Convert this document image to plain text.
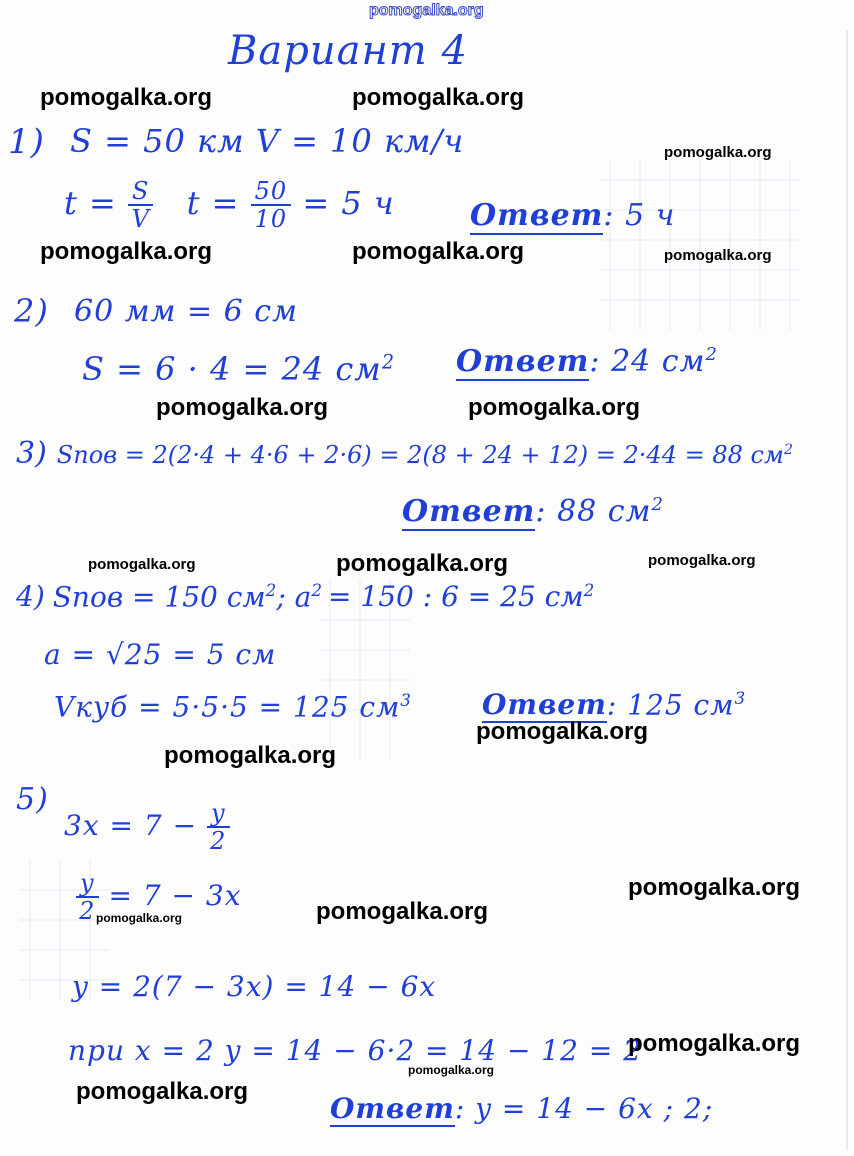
pomogalka.org
Вариант 4
1) S = 50 км V = 10 км/ч
$t = \frac{S}{V}$ $t = \frac{50}{10} = 5$ ч	Ответ: 5 ч
2) 60 мм = 6 см
S = 6 · 4 = 24 $см^2$ Ответ: 24 $см^2$
3) Sпов = 2(2·4 + 4·6 + 2·6) = 2(8 + 24 + 12) = 2·44 = 88 $см^2$
Ответ: 88 $см^2$
4) Sпов = 150 $см^2$; $a^2 = 150$ : 6 = 25 $см^2$
a = √25 = 5 см
Vкуб = 5·5·5 = 125 $см^3$	Ответ: 125 $см^3$
5)
$3x = 7 - \frac{y}{2}$
$\frac{y}{2} = 7 - 3x$
y = 2(7 − 3x) = 14 − 6x
при x = 2 y = 14 − 6·2 = 14 − 12 = 2
Ответ: y = 14 − 6x ; 2;
pomogalka.org	pomogalka.org
pomogalka.org
pomogalka.org	pomogalka.org	pomogalka.org
pomogalka.org	pomogalka.org
pomogalka.org	pomogalka.org	pomogalka.org
pomogalka.org
pomogalka.org
pomogalka.org
pomogalka.org
pomogalka.org
pomogalka.org
pomogalka.org
pomogalka.org
